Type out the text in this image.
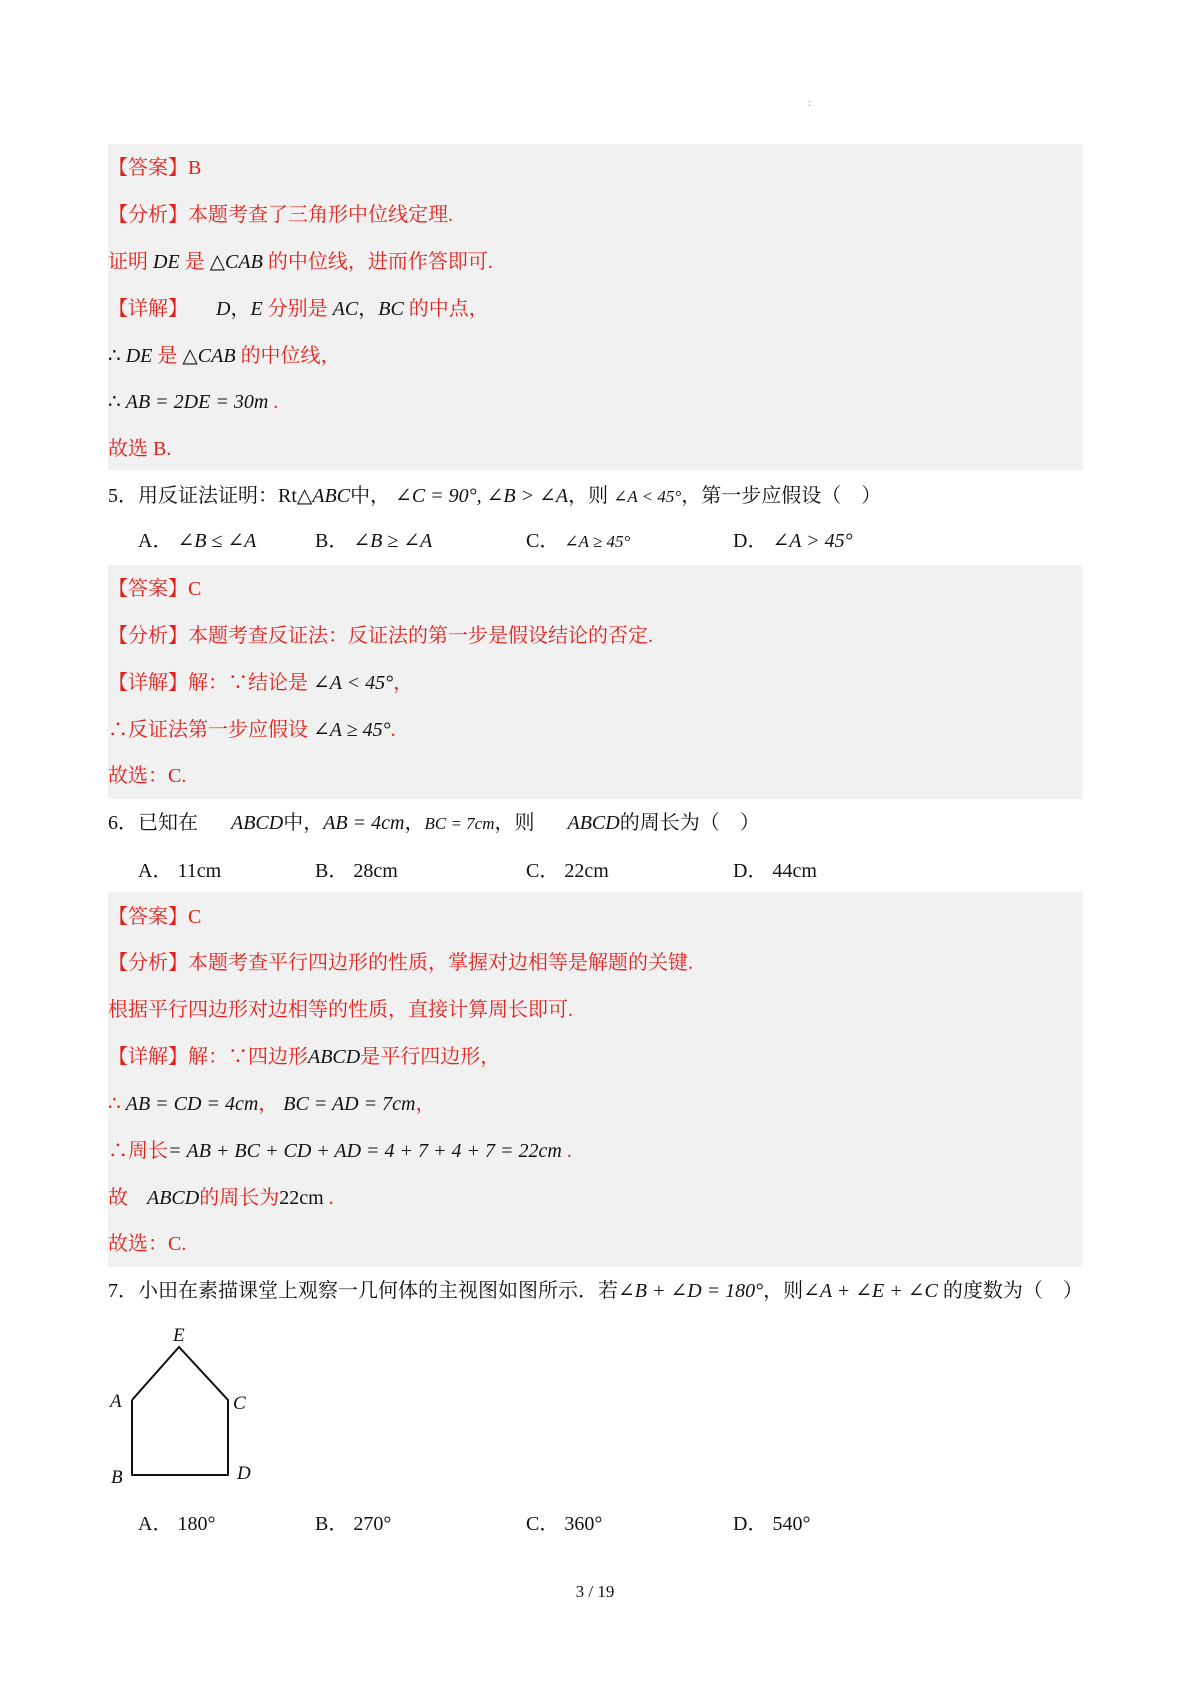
:
【答案】B
【分析】本题考查了三角形中位线定理.
证明 DE 是 △CAB 的中位线，进而作答即可.
【详解】 D，E 分别是 AC，BC 的中点，
∴ DE 是 △CAB 的中位线，
∴ AB = 2DE = 30m .
故选 B.
5．用反证法证明：Rt△ABC中， ∠C = 90°, ∠B > ∠A，则 ∠A < 45°，第一步应假设（　）
A． ∠B ≤ ∠A	B． ∠B ≥ ∠A	C． ∠A ≥ 45°	D． ∠A > 45°
【答案】C
【分析】本题考查反证法：反证法的第一步是假设结论的否定.
【详解】解：∵结论是 ∠A < 45°，
∴反证法第一步应假设 ∠A ≥ 45°.
故选：C.
6．已知在 ABCD中，AB = 4cm，BC = 7cm，则 ABCD的周长为（　）
A． 11cm	B． 28cm	C． 22cm	D． 44cm
【答案】C
【分析】本题考查平行四边形的性质，掌握对边相等是解题的关键.
根据平行四边形对边相等的性质，直接计算周长即可.
【详解】解：∵四边形ABCD是平行四边形，
∴ AB = CD = 4cm， BC = AD = 7cm，
∴周长= AB + BC + CD + AD = 4 + 7 + 4 + 7 = 22cm .
故 ABCD的周长为22cm .
故选：C.
7．小田在素描课堂上观察一几何体的主视图如图所示．若∠B + ∠D = 180°，则∠A + ∠E + ∠C 的度数为（　）
E
A	C
B	D
A． 180°	B． 270°	C． 360°	D． 540°
3 / 19
